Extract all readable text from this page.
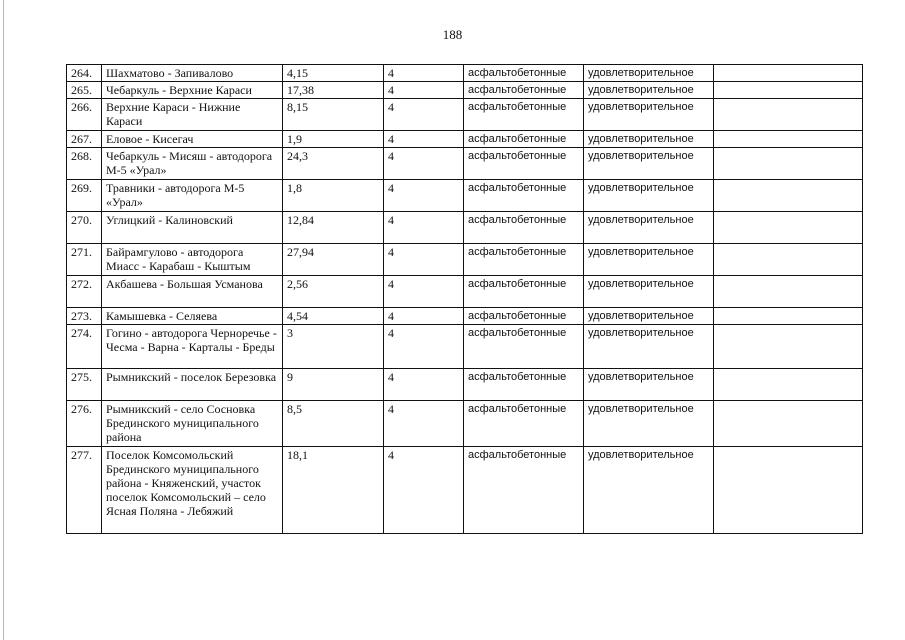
188
264.	Шахматово - Запивалово	4,15	4	асфальтобетонные	удовлетворительное	
265.	Чебаркуль - Верхние Караси	17,38	4	асфальтобетонные	удовлетворительное	
266.	Верхние Караси - Нижние Караси	8,15	4	асфальтобетонные	удовлетворительное	
267.	Еловое - Кисегач	1,9	4	асфальтобетонные	удовлетворительное	
268.	Чебаркуль - Мисяш - автодорога М-5 «Урал»	24,3	4	асфальтобетонные	удовлетворительное	
269.	Травники - автодорога М-5 «Урал»	1,8	4	асфальтобетонные	удовлетворительное	
270.	Углицкий - Калиновский	12,84	4	асфальтобетонные	удовлетворительное	
271.	Байрамгулово - автодорога Миасс - Карабаш - Кыштым	27,94	4	асфальтобетонные	удовлетворительное	
272.	Акбашева - Большая Усманова	2,56	4	асфальтобетонные	удовлетворительное	
273.	Камышевка - Селяева	4,54	4	асфальтобетонные	удовлетворительное	
274.	Гогино - автодорога Черноречье - Чесма - Варна - Карталы - Бреды	3	4	асфальтобетонные	удовлетворительное	
275.	Рымникский - поселок Березовка	9	4	асфальтобетонные	удовлетворительное	
276.	Рымникский - село Сосновка Брединского муниципального района	8,5	4	асфальтобетонные	удовлетворительное	
277.	Поселок Комсомольский Брединского муниципального района - Княженский, участок поселок Комсомольский – село Ясная Поляна - Лебяжий	18,1	4	асфальтобетонные	удовлетворительное	
